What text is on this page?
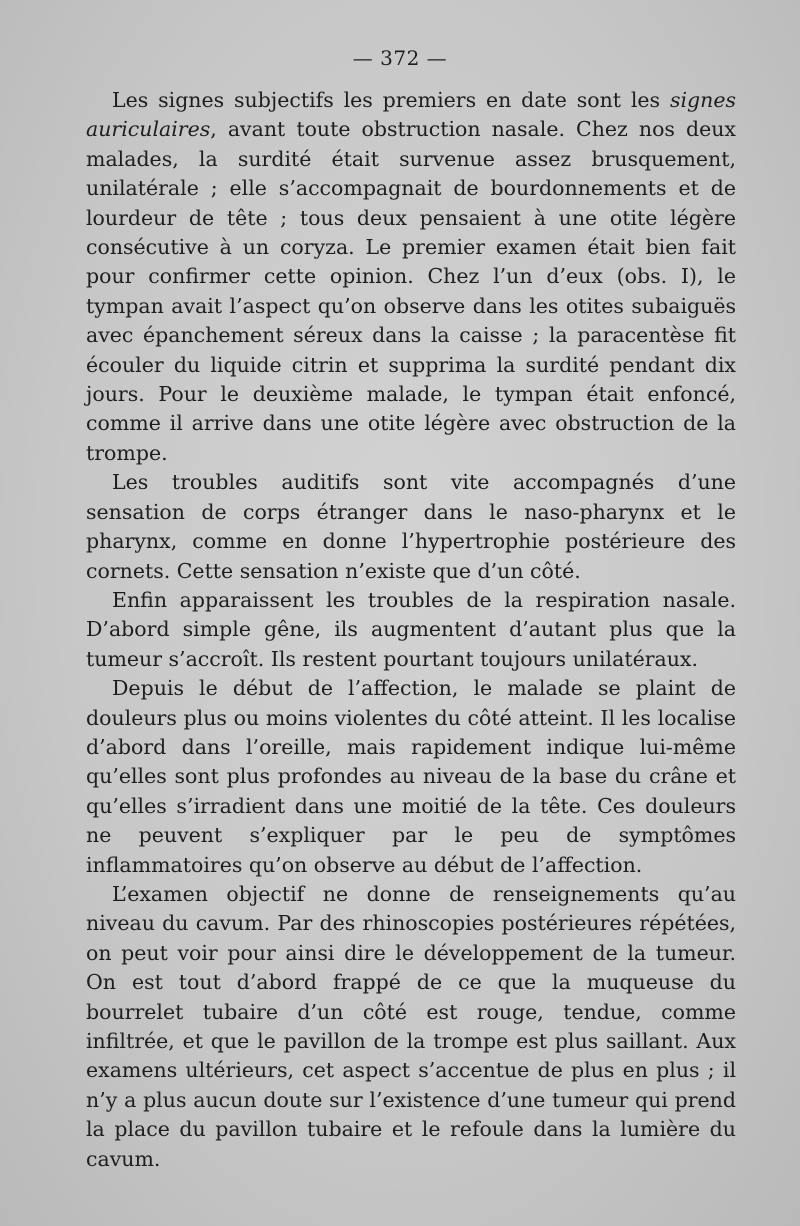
— 372 —

Les signes subjectifs les premiers en date sont les signes auriculaires, avant toute obstruction nasale. Chez nos deux malades, la surdité était survenue assez brusquement, unilatérale ; elle s’accompagnait de bourdonnements et de lourdeur de tête ; tous deux pensaient à une otite légère consécutive à un coryza. Le premier examen était bien fait pour confirmer cette opinion. Chez l’un d’eux (obs. I), le tympan avait l’aspect qu’on observe dans les otites subaiguës avec épanchement séreux dans la caisse ; la paracentèse fit écouler du liquide citrin et supprima la surdité pendant dix jours. Pour le deuxième malade, le tympan était enfoncé, comme il arrive dans une otite légère avec obstruction de la trompe.

Les troubles auditifs sont vite accompagnés d’une sensation de corps étranger dans le naso-pharynx et le pharynx, comme en donne l’hypertrophie postérieure des cornets. Cette sensation n’existe que d’un côté.

Enfin apparaissent les troubles de la respiration nasale. D’abord simple gêne, ils augmentent d’autant plus que la tumeur s’accroît. Ils restent pourtant toujours unilatéraux.

Depuis le début de l’affection, le malade se plaint de douleurs plus ou moins violentes du côté atteint. Il les localise d’abord dans l’oreille, mais rapidement indique lui-même qu’elles sont plus profondes au niveau de la base du crâne et qu’elles s’irradient dans une moitié de la tête. Ces douleurs ne peuvent s’expliquer par le peu de symptômes inflammatoires qu’on observe au début de l’affection.

L’examen objectif ne donne de renseignements qu’au niveau du cavum. Par des rhinoscopies postérieures répétées, on peut voir pour ainsi dire le développement de la tumeur. On est tout d’abord frappé de ce que la muqueuse du bourrelet tubaire d’un côté est rouge, tendue, comme infiltrée, et que le pavillon de la trompe est plus saillant. Aux examens ultérieurs, cet aspect s’accentue de plus en plus ; il n’y a plus aucun doute sur l’existence d’une tumeur qui prend la place du pavillon tubaire et le refoule dans la lumière du cavum.
